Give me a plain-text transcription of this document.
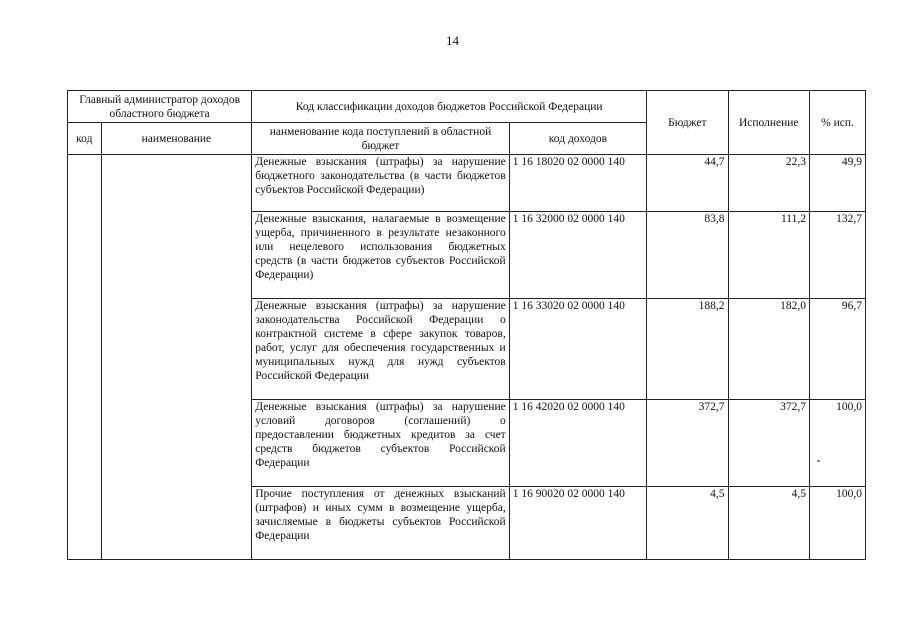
14
Главный администратор доходов областного бюджета		Код классификации доходов бюджетов Российской Федерации		Бюджет	Исполнение	% исп.
код	наименование	нанменование кода поступлений в областной бюджет	код доходов			
		Денежные взыскания (штрафы) за нарушение бюджетного законодательства (в части бюджетов субъектов Российской Федерации)	1 16 18020 02 0000 140	44,7	22,3	49,9
		Денежные взыскания, налагаемые в возмещение ущерба, причиненного в результате незаконного или нецелевого использования бюджетных средств (в части бюджетов субъектов Российской Федерации)	1 16 32000 02 0000 140	83,8	111,2	132,7
		Денежные взыскания (штрафы) за нарушение законодательства Российской Федерации о контрактной системе в сфере закупок товаров, работ, услуг для обеспечения государственных и муниципальных нужд для нужд субъектов Российской Федерации	1 16 33020 02 0000 140	188,2	182,0	96,7
		Денежные взыскания (штрафы) за нарушение условий договоров (соглашений) о предоставлении бюджетных кредитов за счет средств бюджетов субъектов Российской Федерации	1 16 42020 02 0000 140	372,7	372,7	100,0
		Прочие поступления от денежных взысканий (штрафов) и иных сумм в возмещение ущерба, зачисляемые в бюджеты субъектов Российской Федерации	1 16 90020 02 0000 140	4,5	4,5	100,0
